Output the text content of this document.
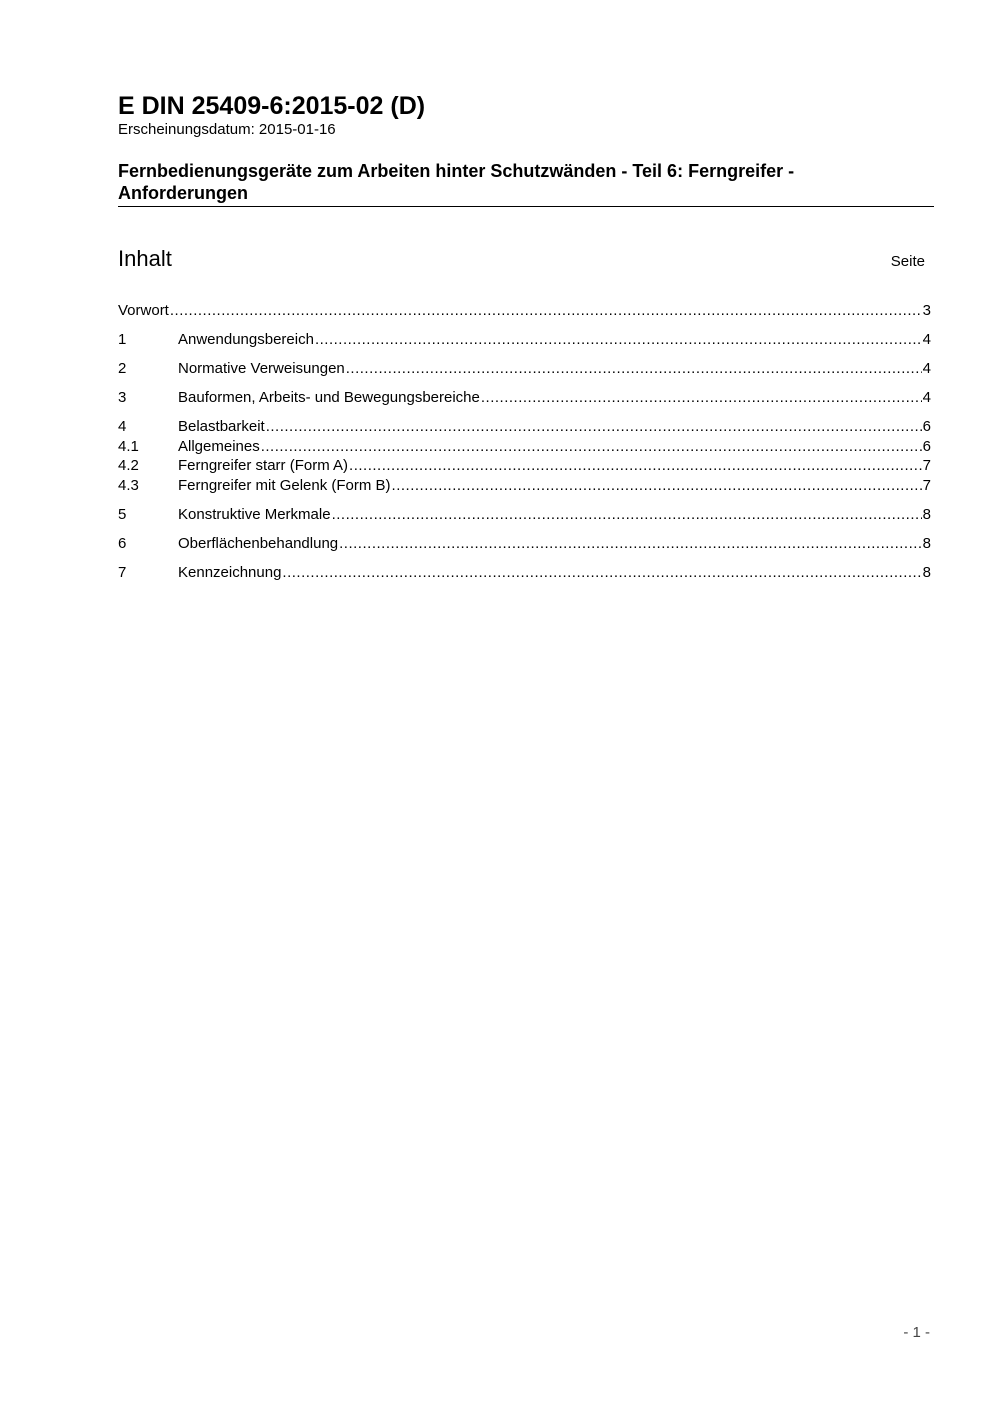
E DIN 25409-6:2015-02 (D)
Erscheinungsdatum: 2015-01-16
Fernbedienungsgeräte zum Arbeiten hinter Schutzwänden - Teil 6: Ferngreifer - Anforderungen
Inhalt	Seite
Vorwort .....	3
1	Anwendungsbereich .....	4
2	Normative Verweisungen .....	4
3	Bauformen, Arbeits- und Bewegungsbereiche .....	4
4	Belastbarkeit .....	6
4.1	Allgemeines .....	6
4.2	Ferngreifer starr (Form A) .....	7
4.3	Ferngreifer mit Gelenk (Form B) .....	7
5	Konstruktive Merkmale .....	8
6	Oberflächenbehandlung .....	8
7	Kennzeichnung .....	8
- 1 -
